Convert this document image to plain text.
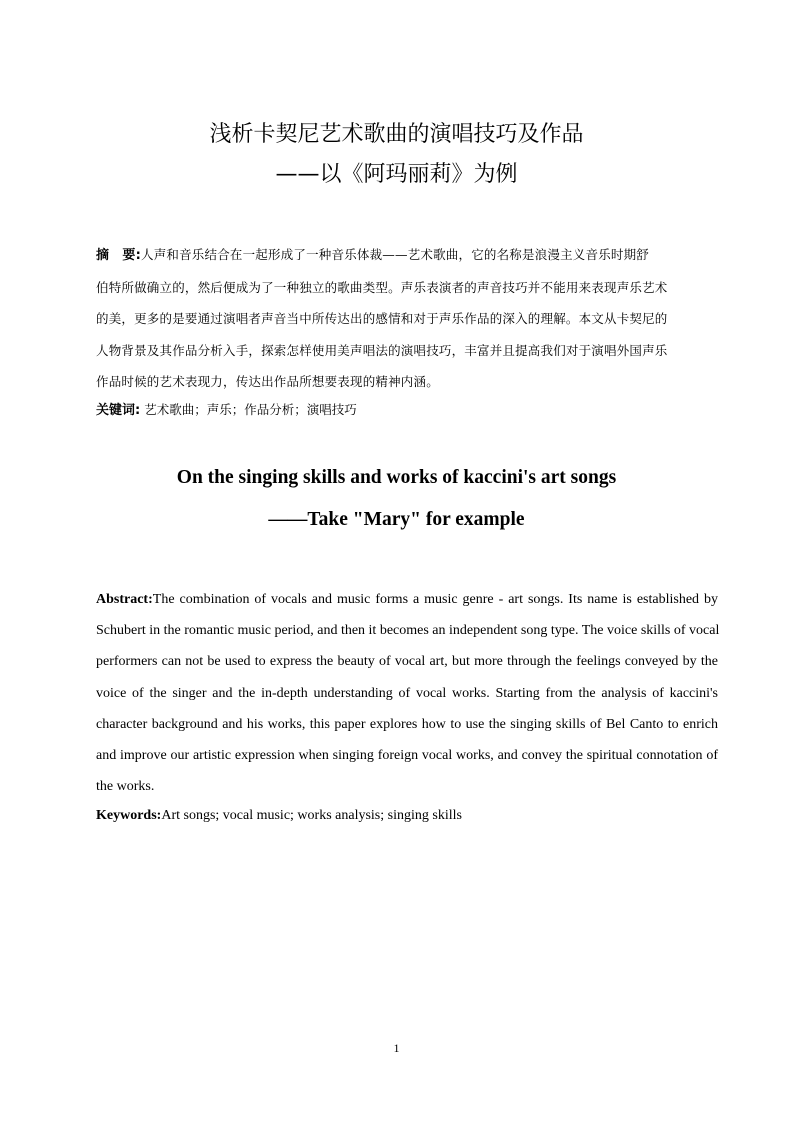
浅析卡契尼艺术歌曲的演唱技巧及作品
——以《阿玛丽莉》为例
摘　要:人声和音乐结合在一起形成了一种音乐体裁——艺术歌曲，它的名称是浪漫主义音乐时期舒
伯特所做确立的，然后便成为了一种独立的歌曲类型。声乐表演者的声音技巧并不能用来表现声乐艺术
的美，更多的是要通过演唱者声音当中所传达出的感情和对于声乐作品的深入的理解。本文从卡契尼的
人物背景及其作品分析入手，探索怎样使用美声唱法的演唱技巧，丰富并且提高我们对于演唱外国声乐
作品时候的艺术表现力，传达出作品所想要表现的精神内涵。
关键词: 艺术歌曲；声乐；作品分析；演唱技巧
On the singing skills and works of kaccini's art songs
——Take "Mary" for example
Abstract:The combination of vocals and music forms a music genre - art songs. Its name is established by
Schubert in the romantic music period, and then it becomes an independent song type. The voice skills of vocal
performers can not be used to express the beauty of vocal art, but more through the feelings conveyed by the
voice of the singer and the in-depth understanding of vocal works. Starting from the analysis of kaccini's
character background and his works, this paper explores how to use the singing skills of Bel Canto to enrich
and improve our artistic expression when singing foreign vocal works, and convey the spiritual connotation of
the works.
Keywords:Art songs; vocal music; works analysis; singing skills
1
